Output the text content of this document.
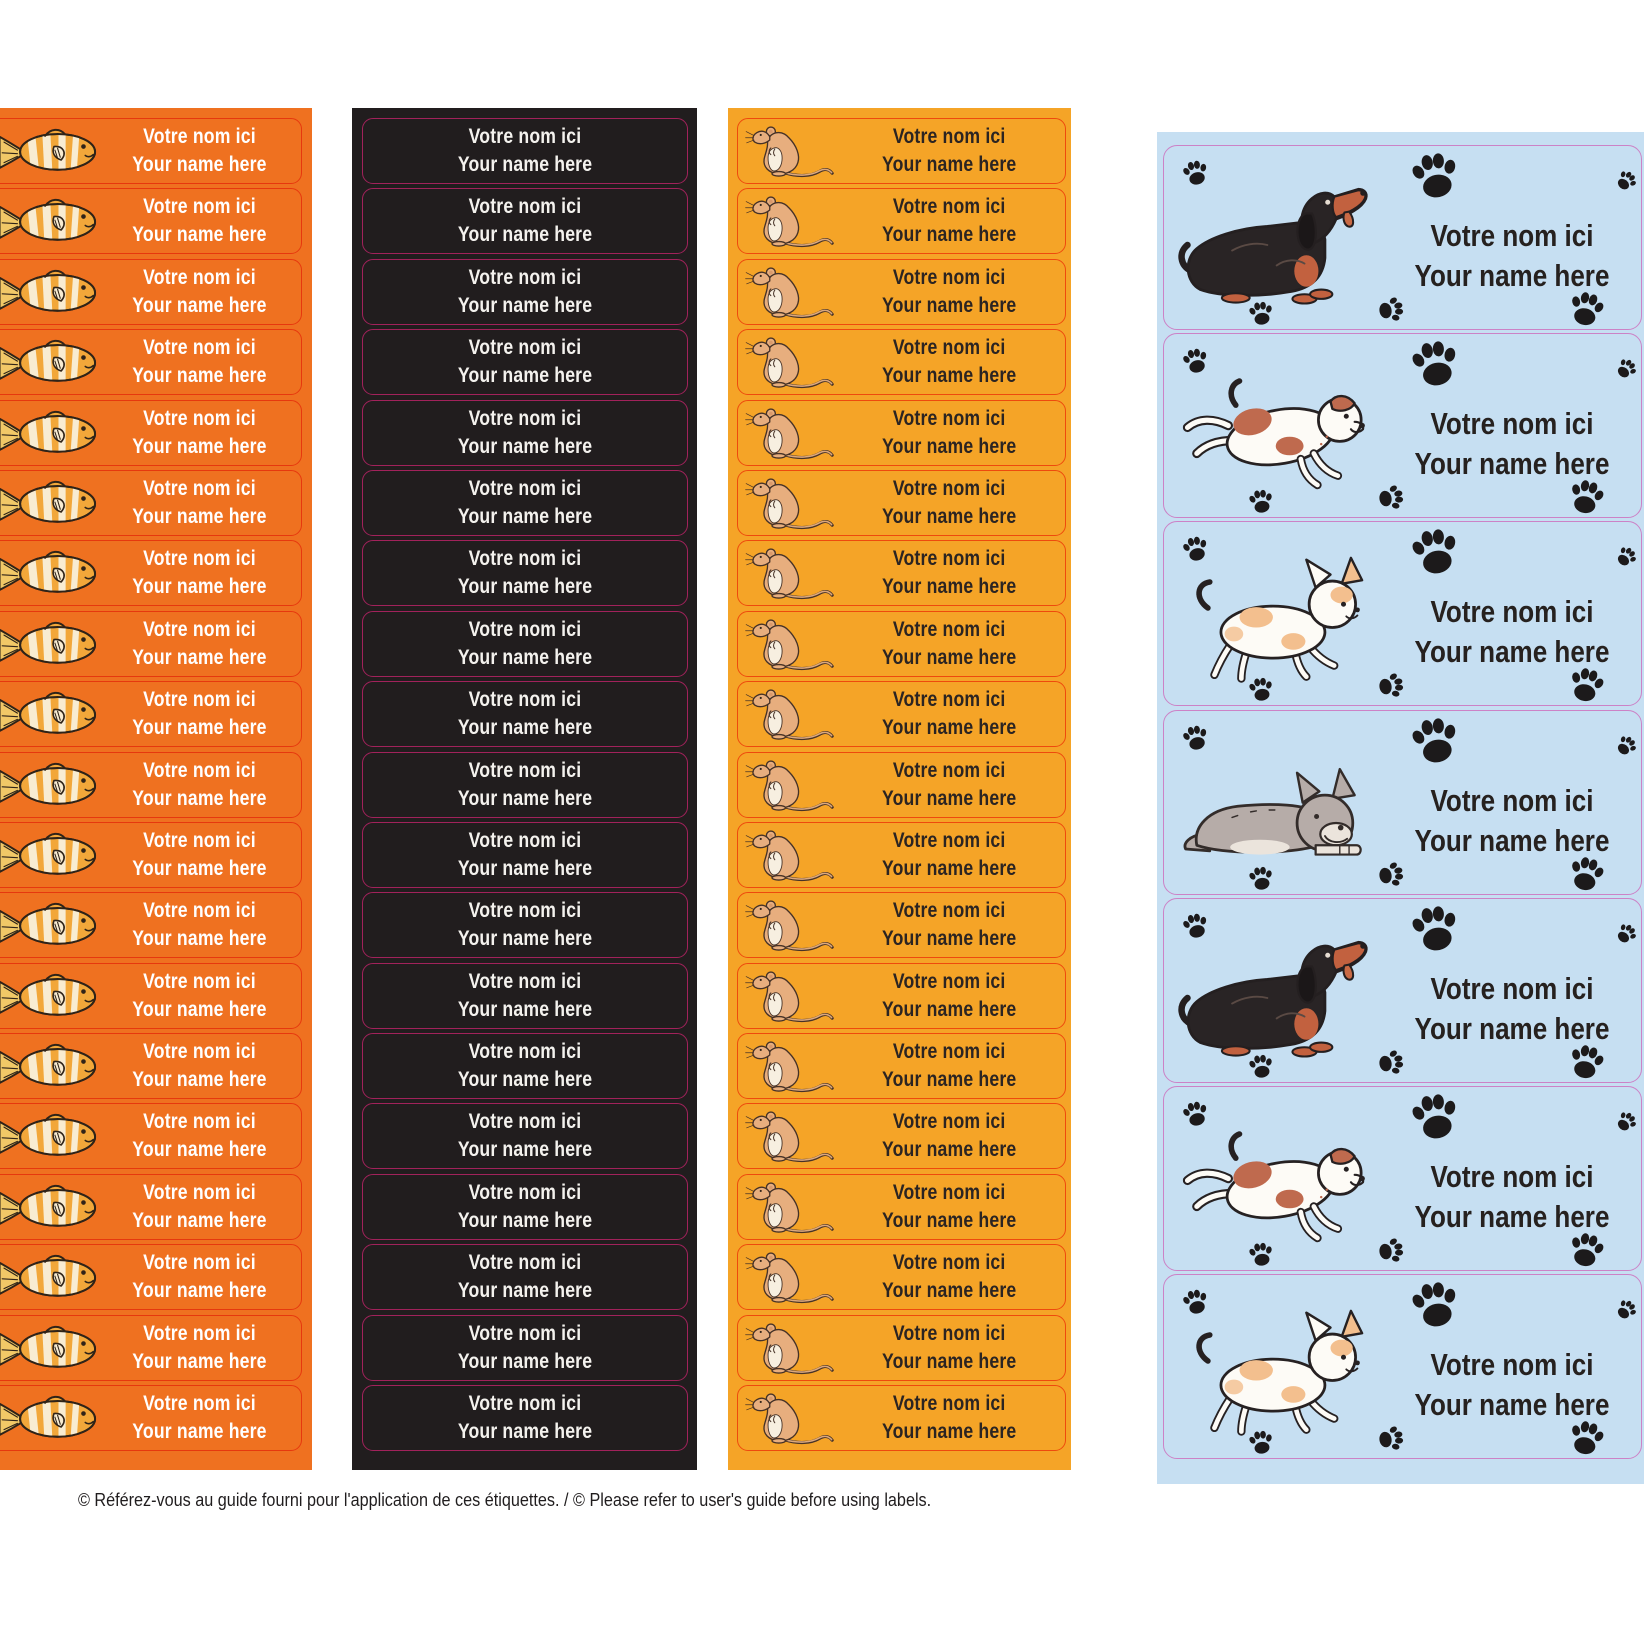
Votre nom ici
Your name here
Votre nom ici
Your name here
Votre nom ici
Your name here
Votre nom ici
Your name here
Votre nom ici
Your name here
Votre nom ici
Your name here
Votre nom ici
Your name here
Votre nom ici
Your name here
Votre nom ici
Your name here
Votre nom ici
Your name here
Votre nom ici
Your name here
Votre nom ici
Your name here
Votre nom ici
Your name here
Votre nom ici
Your name here
Votre nom ici
Your name here
Votre nom ici
Your name here
Votre nom ici
Your name here
Votre nom ici
Your name here
Votre nom ici
Your name here
Votre nom ici
Your name here
Votre nom ici
Your name here
Votre nom ici
Your name here
Votre nom ici
Your name here
Votre nom ici
Your name here
Votre nom ici
Your name here
Votre nom ici
Your name here
Votre nom ici
Your name here
Votre nom ici
Your name here
Votre nom ici
Your name here
Votre nom ici
Your name here
Votre nom ici
Your name here
Votre nom ici
Your name here
Votre nom ici
Your name here
Votre nom ici
Your name here
Votre nom ici
Your name here
Votre nom ici
Your name here
Votre nom ici
Your name here
Votre nom ici
Your name here
Votre nom ici
Your name here
Votre nom ici
Your name here
Votre nom ici
Your name here
Votre nom ici
Your name here
Votre nom ici
Your name here
Votre nom ici
Your name here
Votre nom ici
Your name here
Votre nom ici
Your name here
Votre nom ici
Your name here
Votre nom ici
Your name here
Votre nom ici
Your name here
Votre nom ici
Your name here
Votre nom ici
Your name here
Votre nom ici
Your name here
Votre nom ici
Your name here
Votre nom ici
Your name here
Votre nom ici
Your name here
Votre nom ici
Your name here
Votre nom ici
Your name here
Votre nom ici
Your name here
Votre nom ici
Your name here
Votre nom ici
Your name here
Votre nom ici
Your name here
Votre nom ici
Your name here
Votre nom ici
Your name here
Votre nom ici
Your name here

© Référez-vous au guide fourni pour l'application de ces étiquettes. / © Please refer to user's guide before using labels.
